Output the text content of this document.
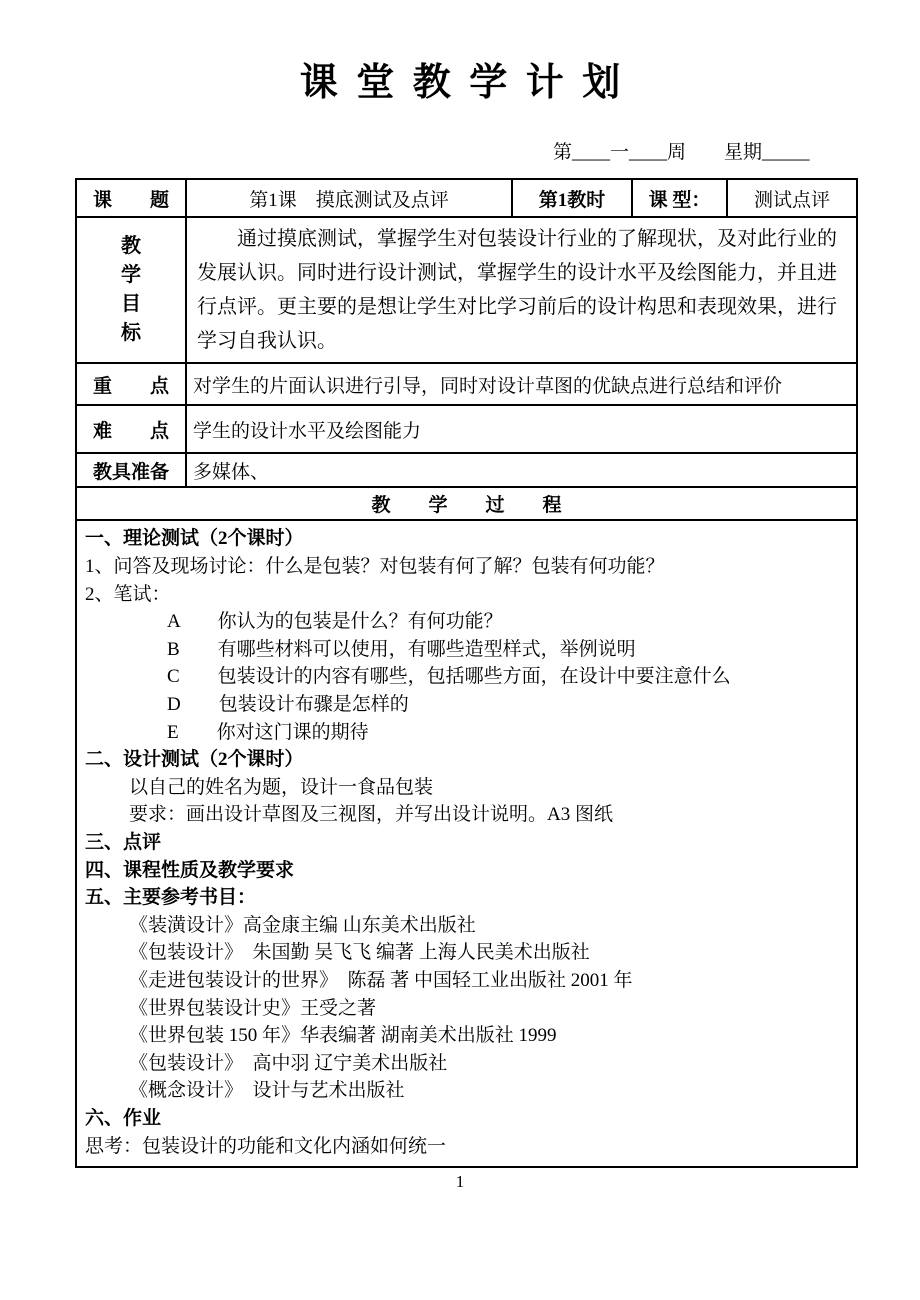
课 堂 教 学 计 划
第____一____周        星期_____
课　　题	第1课　摸底测试及点评	第1教时	课 型：	测试点评

教学目标	通过摸底测试，掌握学生对包装设计行业的了解现状，及对此行业的发展认识。同时进行设计测试，掌握学生的设计水平及绘图能力，并且进行点评。更主要的是想让学生对比学习前后的设计构思和表现效果，进行学习自我认识。			

重　　点	对学生的片面认识进行引导，同时对设计草图的优缺点进行总结和评价			
难　　点	学生的设计水平及绘图能力			
教具准备	多媒体、			
教　　学　　过　　程				

一、理论测试（2个课时）
1、问答及现场讨论：什么是包装？对包装有何了解？包装有何功能？
2、笔试：
A　　你认为的包装是什么？有何功能？
B　　有哪些材料可以使用，有哪些造型样式，举例说明
C　　包装设计的内容有哪些，包括哪些方面，在设计中要注意什么
D　　包装设计布骤是怎样的
E　　你对这门课的期待
二、设计测试（2个课时）
以自己的姓名为题，设计一食品包装
要求：画出设计草图及三视图，并写出设计说明。A3 图纸
三、点评
四、课程性质及教学要求
五、主要参考书目：
《装潢设计》高金康主编 山东美术出版社
《包装设计》　朱国勤 吴飞飞 编著 上海人民美术出版社
《走进包装设计的世界》　陈磊 著 中国轻工业出版社 2001 年
《世界包装设计史》王受之著
《世界包装 150 年》华表编著 湖南美术出版社 1999
《包装设计》　高中羽 辽宁美术出版社
《概念设计》　设计与艺术出版社
六、作业
思考：包装设计的功能和文化内涵如何统一
1
